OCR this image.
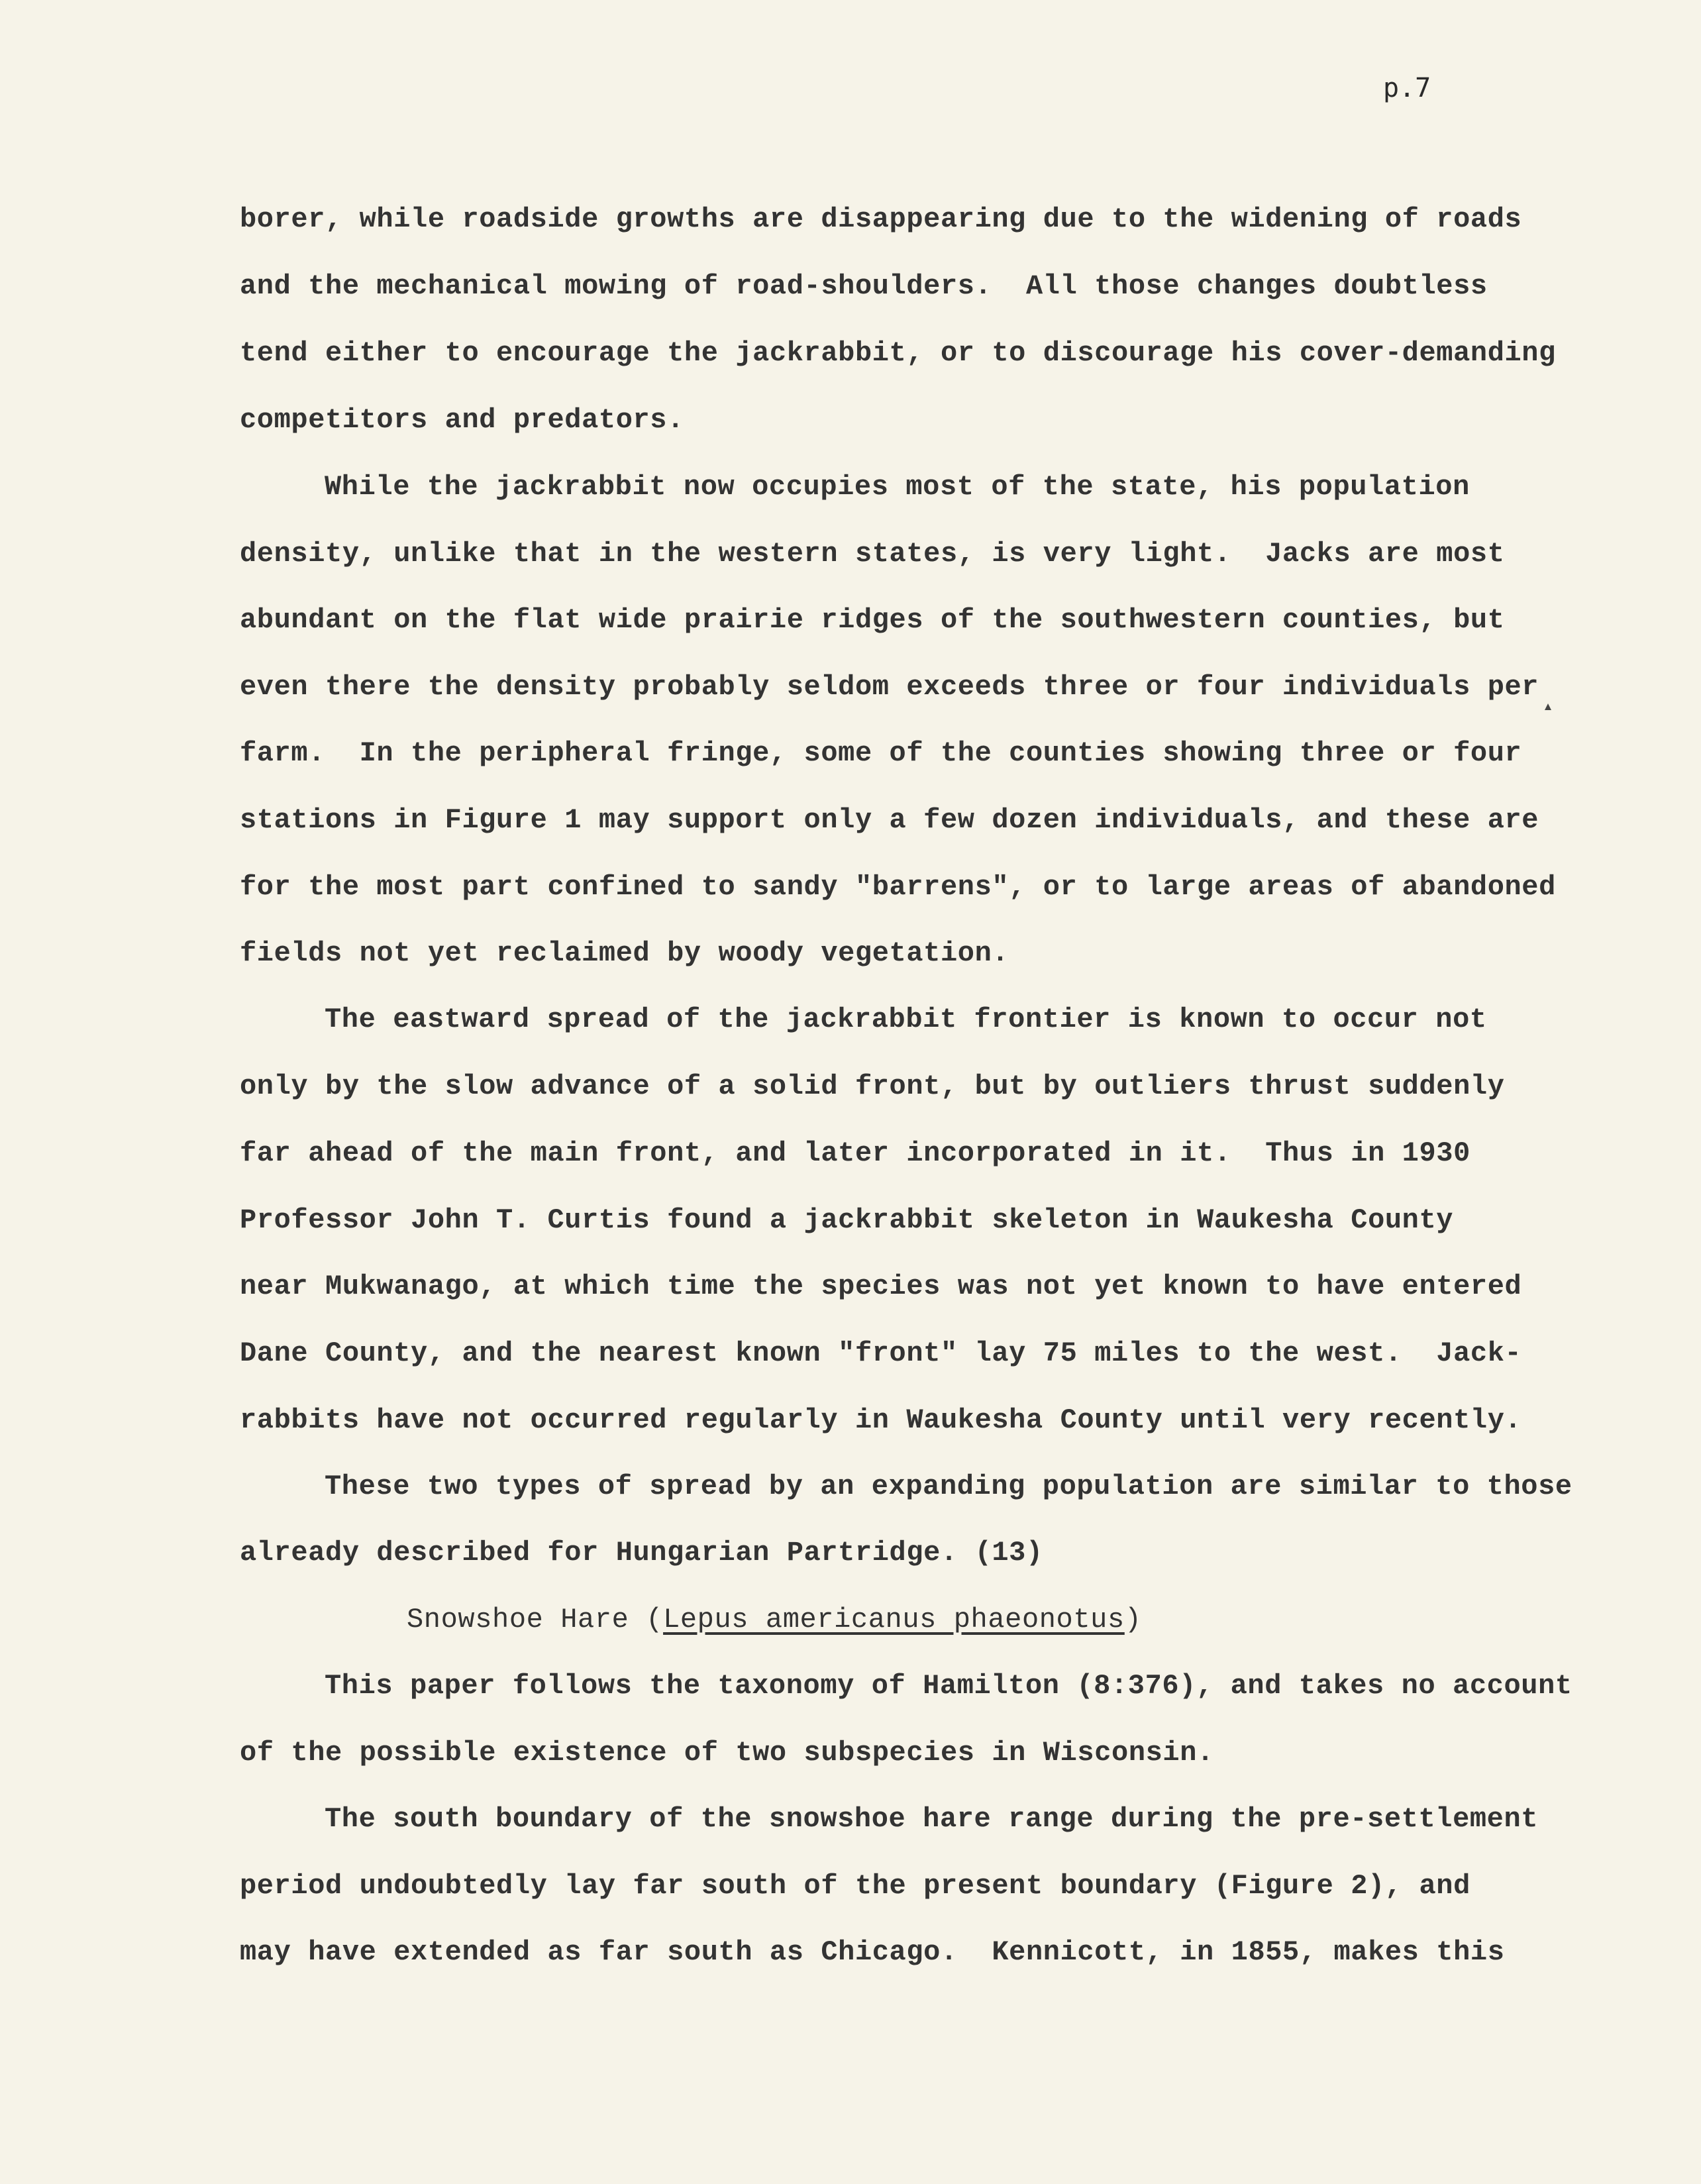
p.7

borer, while roadside growths are disappearing due to the widening of roads

and the mechanical mowing of road-shoulders.  All those changes doubtless

tend either to encourage the jackrabbit, or to discourage his cover-demanding

competitors and predators.

While the jackrabbit now occupies most of the state, his population

density, unlike that in the western states, is very light.  Jacks are most

abundant on the flat wide prairie ridges of the southwestern counties, but

even there the density probably seldom exceeds three or four individuals per

farm.  In the peripheral fringe, some of the counties showing three or four

stations in Figure 1 may support only a few dozen individuals, and these are

for the most part confined to sandy "barrens", or to large areas of abandoned

fields not yet reclaimed by woody vegetation.

The eastward spread of the jackrabbit frontier is known to occur not

only by the slow advance of a solid front, but by outliers thrust suddenly

far ahead of the main front, and later incorporated in it.  Thus in 1930

Professor John T. Curtis found a jackrabbit skeleton in Waukesha County

near Mukwanago, at which time the species was not yet known to have entered

Dane County, and the nearest known "front" lay 75 miles to the west.  Jack-

rabbits have not occurred regularly in Waukesha County until very recently.

These two types of spread by an expanding population are similar to those

already described for Hungarian Partridge. (13)

Snowshoe Hare (Lepus americanus phaeonotus)

This paper follows the taxonomy of Hamilton (8:376), and takes no account

of the possible existence of two subspecies in Wisconsin.

The south boundary of the snowshoe hare range during the pre-settlement

period undoubtedly lay far south of the present boundary (Figure 2), and

may have extended as far south as Chicago.  Kennicott, in 1855, makes this
